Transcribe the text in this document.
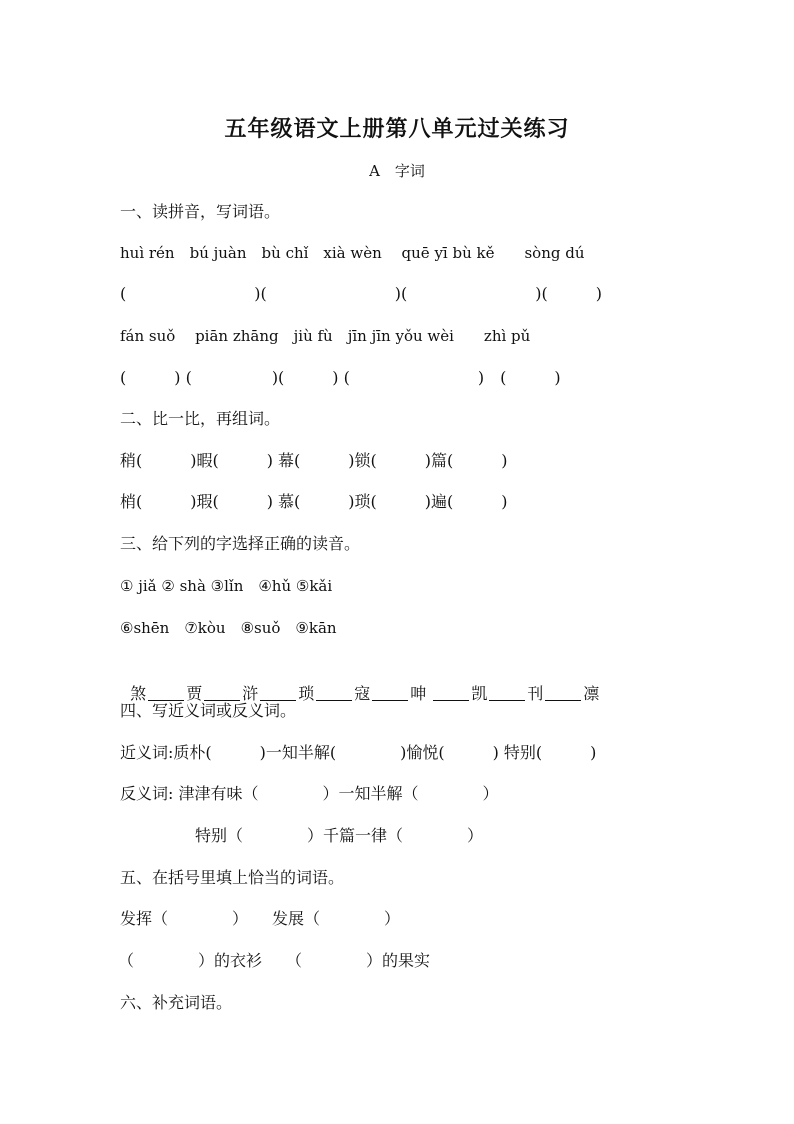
五年级语文上册第八单元过关练习
A　字词
一、读拼音，写词语。
huì rén　bú juàn　bù chǐ　xià wèn　 quē yī bù kě　　sòng dú
(　　　　　　　　)(　　　　　　　　)(　　　　　　　　)(　　　)
fán suǒ　 piān zhāng　jiù fù　jīn jīn yǒu wèi　　zhì pǔ
(　　　) (　　　　　)(　　　) (　　　　　　　　)　(　　　)
二、比一比，再组词。
稍(　　　)暇(　　　) 幕(　　　)锁(　　　)篇(　　　)
梢(　　　)瑕(　　　) 慕(　　　)琐(　　　)遍(　　　)
三、给下列的字选择正确的读音。
① jiǎ ② shà ③lǐn　④hǔ ⑤kǎi
⑥shēn　⑦kòu　⑧suǒ　⑨kān

煞	贾	浒	琐	寇	呻	凯	刊	凛

四、写近义词或反义词。
近义词:质朴(　　　)一知半解(　　　　)愉悦(　　　) 特别(　　　)
反义词: 津津有味（　　　　）一知半解（　　　　）
特别（　　　　）千篇一律（　　　　）
五、在括号里填上恰当的词语。
发挥（　　　　）　　发展（　　　　）
（　　　　）的衣衫　　（　　　　）的果实
六、补充词语。
